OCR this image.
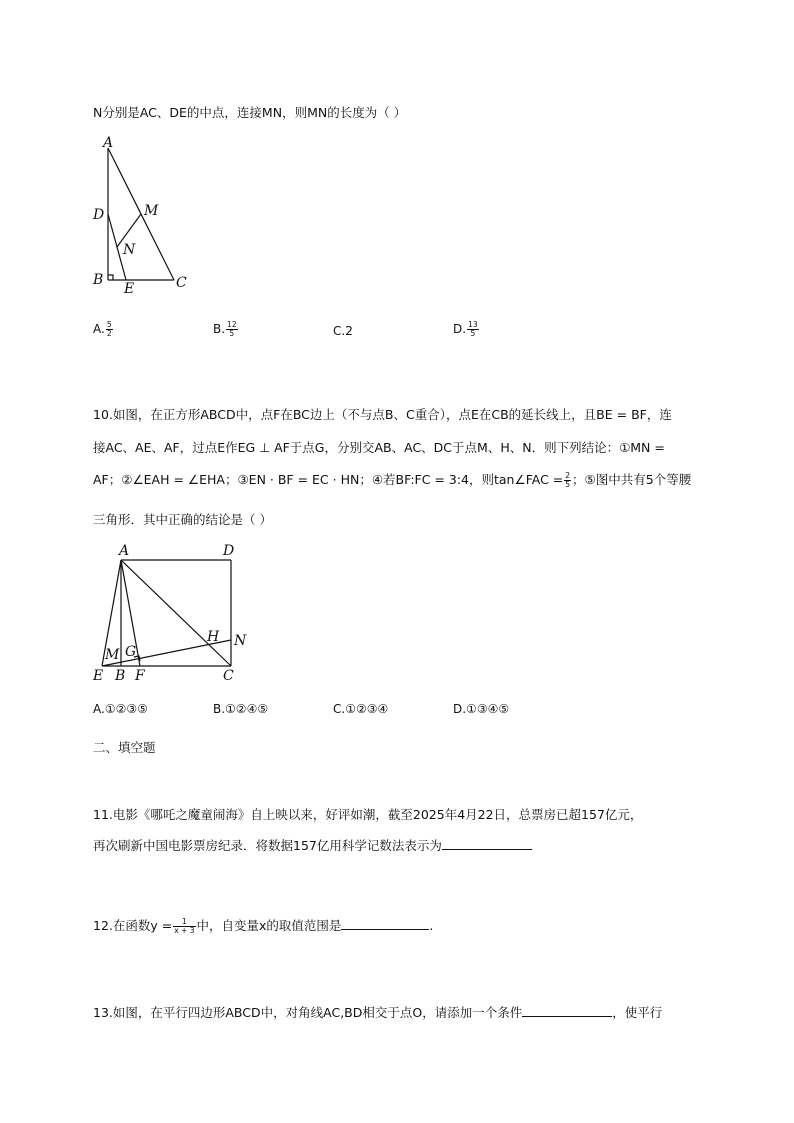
N分别是AC、DE的中点，连接MN，则MN的长度为（ ）
A
D	M
N
B
E	C
A. $\frac{5}{2}$	B. $\frac{12}{5}$	C.2	D. $\frac{13}{5}$
10.如图，在正方形ABCD中，点F在BC边上（不与点B、C重合），点E在CB的延长线上，且BE = BF，连
接AC、AE、AF，过点E作EG ⊥ AF于点G，分别交AB、AC、DC于点M、H、N．则下列结论：①MN =
AF；②∠EAH = ∠EHA；③EN · BF = EC · HN；④若BF:FC = 3:4，则tan∠FAC = $\frac{2}{5}$ ；⑤图中共有5个等腰
三角形．其中正确的结论是（ ）
A	D
H N
M G
E B F	C
A.①②③⑤	B.①②④⑤	C.①②③④	D.①③④⑤
二、填空题
11.电影《哪吒之魔童闹海》自上映以来，好评如潮，截至2025年4月22日，总票房已超157亿元，
再次刷新中国电影票房纪录．将数据157亿用科学记数法表示为
12.在函数$y = \frac{1}{x + 3}$ 中，自变量x的取值范围是	.
13.如图，在平行四边形ABCD中，对角线AC,BD相交于点O，请添加一个条件	，使平行
